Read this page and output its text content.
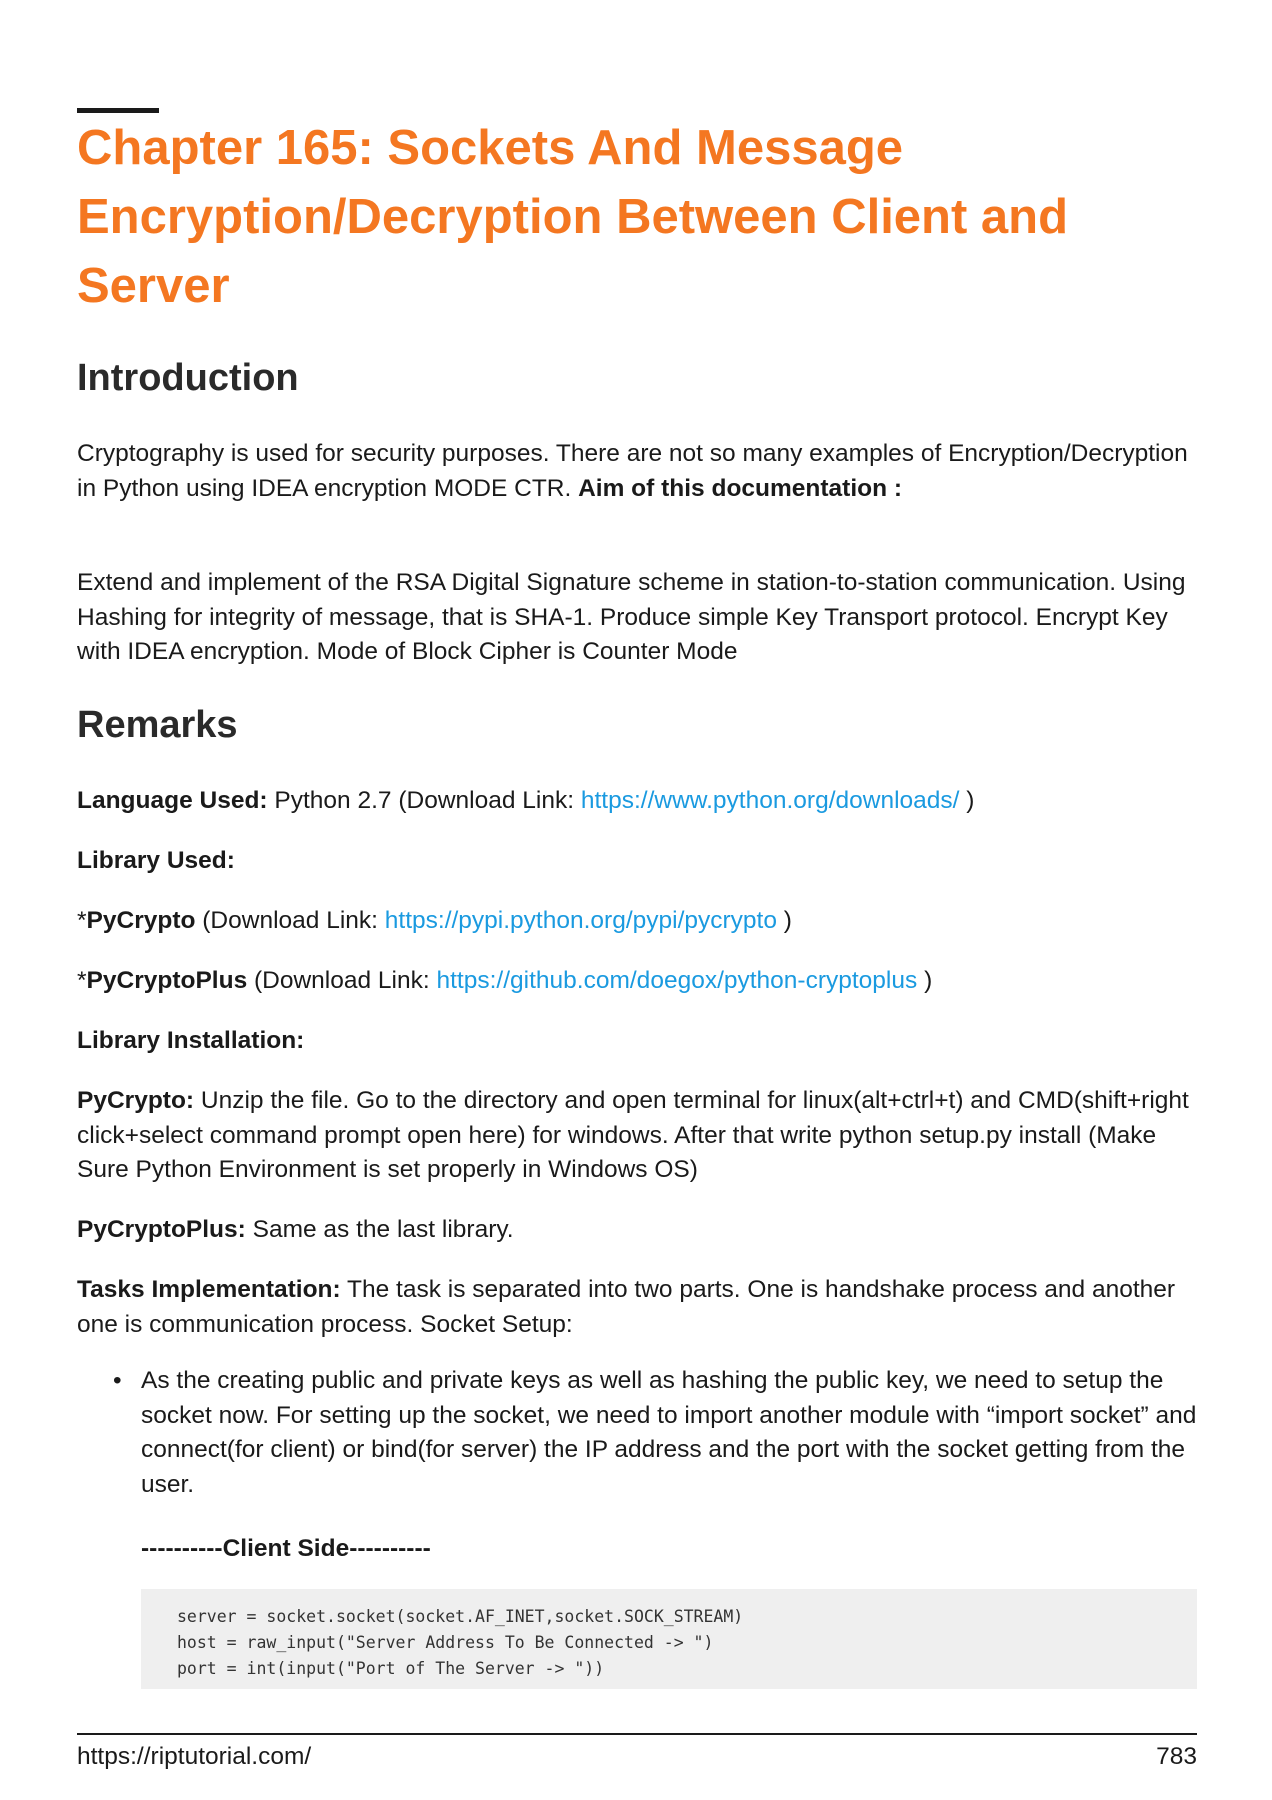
Chapter 165: Sockets And Message Encryption/Decryption Between Client and Server
Introduction

Cryptography is used for security purposes. There are not so many examples of Encryption/Decryption in Python using IDEA encryption MODE CTR. Aim of this documentation :

Extend and implement of the RSA Digital Signature scheme in station-to-station communication. Using Hashing for integrity of message, that is SHA-1. Produce simple Key Transport protocol. Encrypt Key with IDEA encryption. Mode of Block Cipher is Counter Mode

Remarks

Language Used: Python 2.7 (Download Link: https://www.python.org/downloads/ )

Library Used:

*PyCrypto (Download Link: https://pypi.python.org/pypi/pycrypto )

*PyCryptoPlus (Download Link: https://github.com/doegox/python-cryptoplus )

Library Installation:

PyCrypto: Unzip the file. Go to the directory and open terminal for linux(alt+ctrl+t) and CMD(shift+right click+select command prompt open here) for windows. After that write python setup.py install (Make Sure Python Environment is set properly in Windows OS)

PyCryptoPlus: Same as the last library.

Tasks Implementation: The task is separated into two parts. One is handshake process and another one is communication process. Socket Setup:

• As the creating public and private keys as well as hashing the public key, we need to setup the socket now. For setting up the socket, we need to import another module with “import socket” and connect(for client) or bind(for server) the IP address and the port with the socket getting from the user.

----------Client Side----------
server = socket.socket(socket.AF_INET,socket.SOCK_STREAM)
host = raw_input("Server Address To Be Connected -> ")
port = int(input("Port of The Server -> "))
https://riptutorial.com/	783
